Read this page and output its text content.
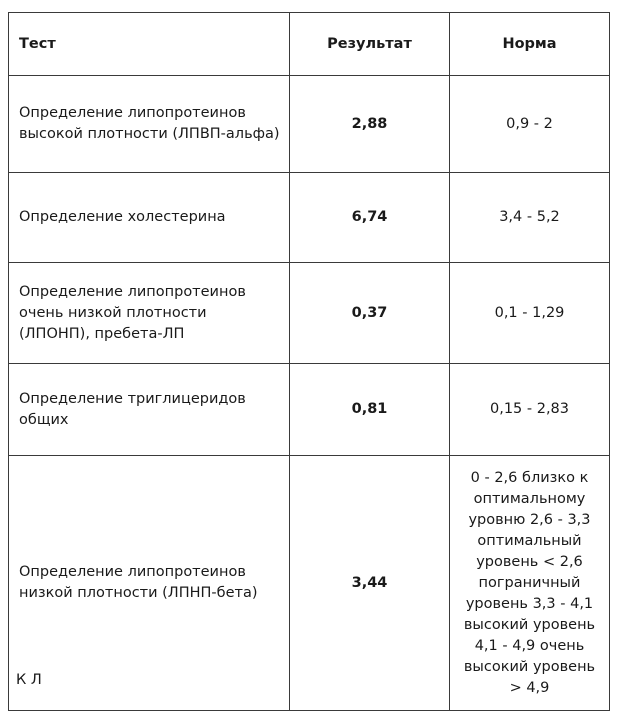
Тест	Результат	Норма
Определение липопротеинов высокой плотности (ЛПВП-альфа)	2,88	0,9 - 2
Определение холестерина	6,74	3,4 - 5,2
Определение липопротеинов очень низкой плотности (ЛПОНП), пребета-ЛП	0,37	0,1 - 1,29
Определение триглицеридов общих	0,81	0,15 - 2,83
Определение липопротеинов низкой плотности (ЛПНП-бета)	3,44	0 - 2,6 близко к оптимальному уровню 2,6 - 3,3 оптимальный уровень < 2,6 пограничный уровень 3,3 - 4,1 высокий уровень 4,1 - 4,9 очень высокий уровень > 4,9
К Л
